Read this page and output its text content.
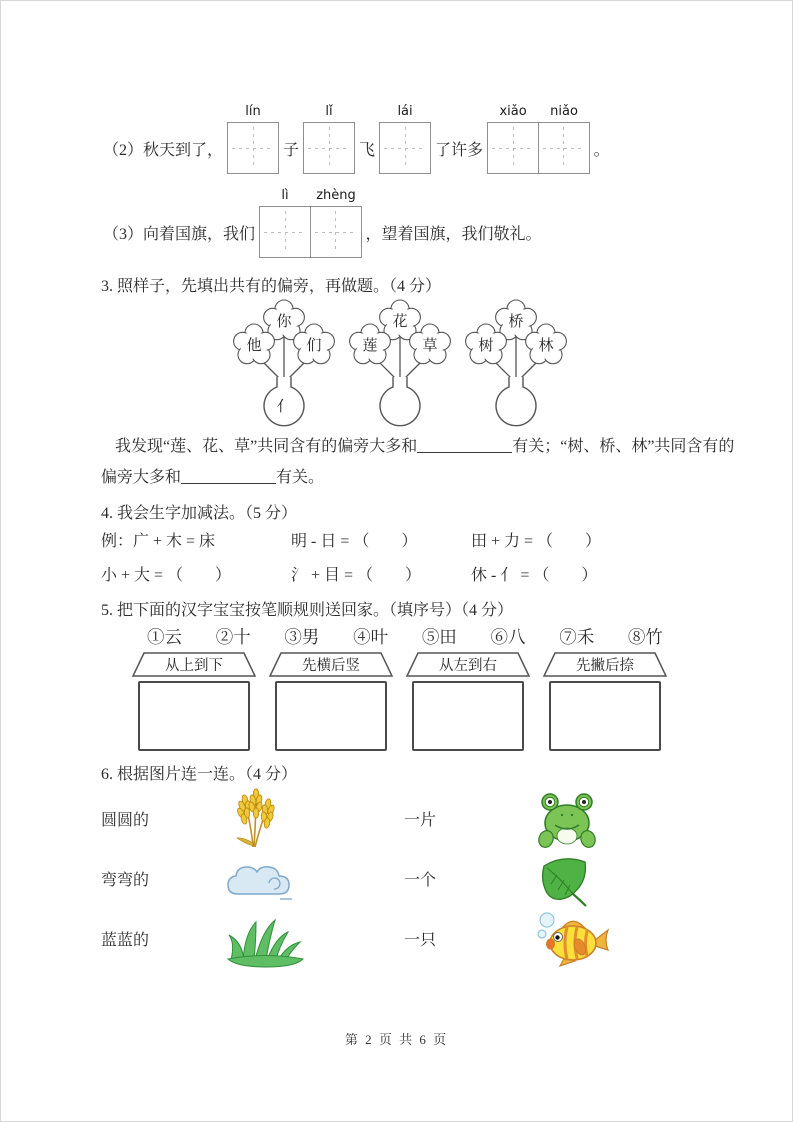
（2）秋天到了，
lín
子
lǐ
飞
lái
了许多
xiǎo	niǎo
。
（3）向着国旗，我们
lì	zhèng
，望着国旗，我们敬礼。
3. 照样子，先填出共有的偏旁，再做题。（4 分）
你
他	们
亻
花
莲	草
桥
树	林
我发现“莲、花、草”共同含有的偏旁大多和	有关；“树、桥、林”共同含有的偏旁大多和	有关。
4. 我会生字加减法。（5 分）
例：广 + 木 = 床	明 - 日 = （　　）	田 + 力 = （　　）
小 + 大 = （　　）	氵 + 目 = （　　）	休 - 亻 = （　　）
5. 把下面的汉字宝宝按笔顺规则送回家。（填序号）（4 分）
①云 ②十 ③男 ④叶 ⑤田 ⑥八 ⑦禾 ⑧竹
从上到下	先横后竖	从左到右	先撇后捺
6. 根据图片连一连。（4 分）
圆圆的	一片
弯弯的	一个
蓝蓝的	一只
第 2 页 共 6 页
